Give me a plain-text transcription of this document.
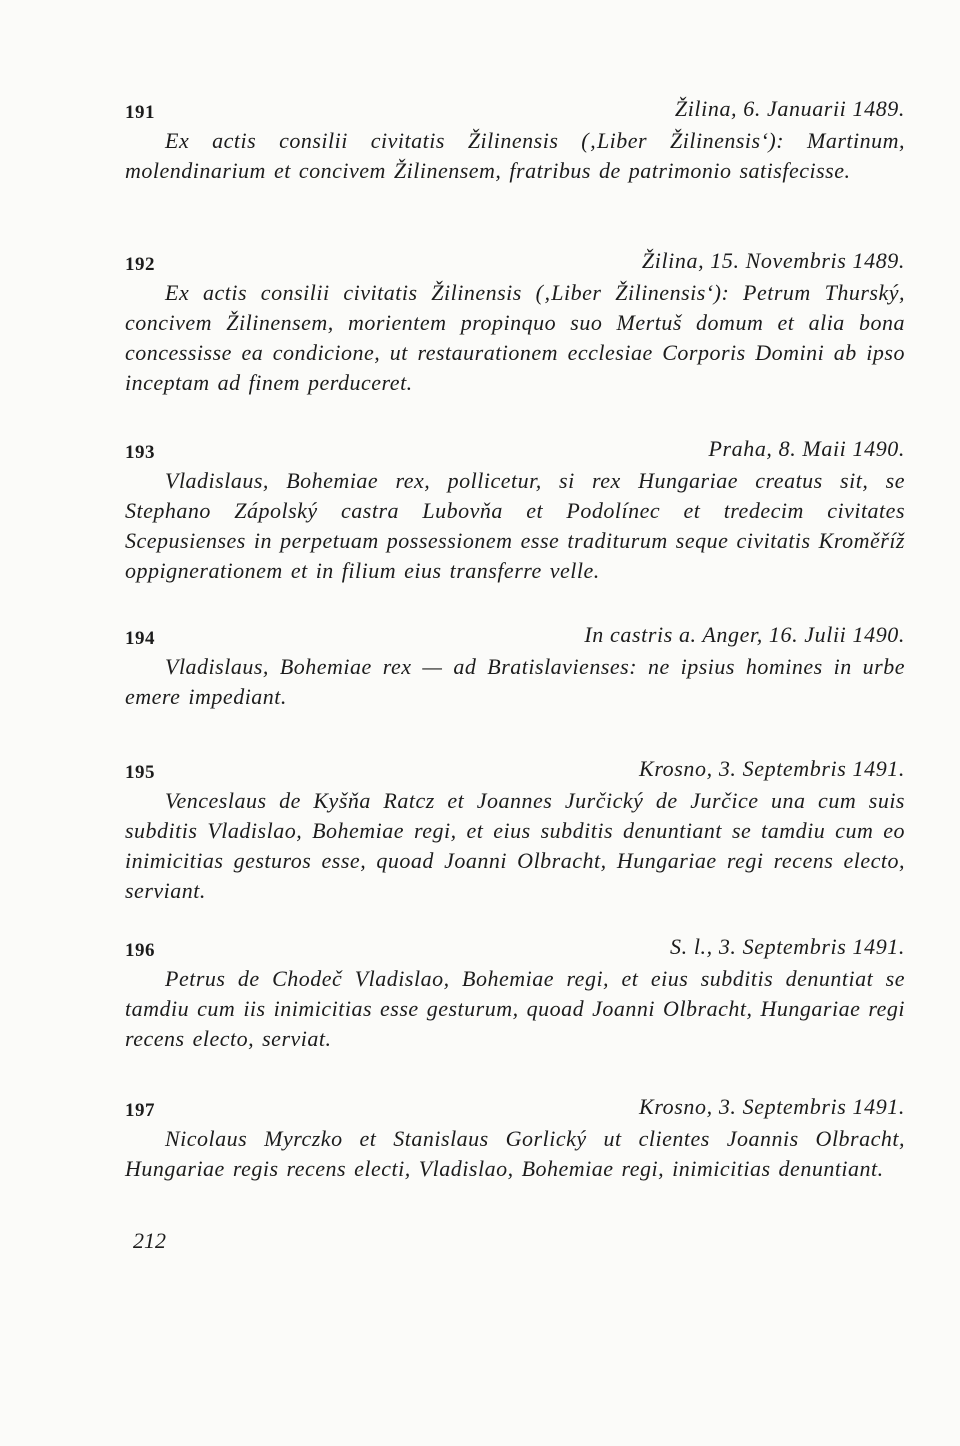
191	Žilina, 6. Januarii 1489.

Ex actis consilii civitatis Žilinensis (‚Liber Žilinensis‘): Martinum, molendinarium et concivem Žilinensem, fratribus de patrimonio satisfecisse.

192	Žilina, 15. Novembris 1489.

Ex actis consilii civitatis Žilinensis (‚Liber Žilinensis‘): Petrum Thurský, concivem Žilinensem, morientem propinquo suo Mertuš domum et alia bona concessisse ea condicione, ut restaurationem ecclesiae Corporis Domini ab ipso inceptam ad finem perduceret.

193	Praha, 8. Maii 1490.

Vladislaus, Bohemiae rex, pollicetur, si rex Hungariae creatus sit, se Stephano Zápolský castra Lubovňa et Podolínec et tredecim civitates Scepusienses in perpetuam possessionem esse traditurum seque civitatis Kroměříž oppignerationem et in filium eius transferre velle.

194	In castris a. Anger, 16. Julii 1490.

Vladislaus, Bohemiae rex — ad Bratislavienses: ne ipsius homines in urbe emere impediant.

195	Krosno, 3. Septembris 1491.

Venceslaus de Kyšňa Ratcz et Joannes Jurčický de Jurčice una cum suis subditis Vladislao, Bohemiae regi, et eius subditis denuntiant se tamdiu cum eo inimicitias gesturos esse, quoad Joanni Olbracht, Hungariae regi recens electo, serviant.

196	S. l., 3. Septembris 1491.

Petrus de Chodeč Vladislao, Bohemiae regi, et eius subditis denuntiat se tamdiu cum iis inimicitias esse gesturum, quoad Joanni Olbracht, Hungariae regi recens electo, serviat.

197	Krosno, 3. Septembris 1491.

Nicolaus Myrczko et Stanislaus Gorlický ut clientes Joannis Olbracht, Hungariae regis recens electi, Vladislao, Bohemiae regi, inimicitias denuntiant.

212
